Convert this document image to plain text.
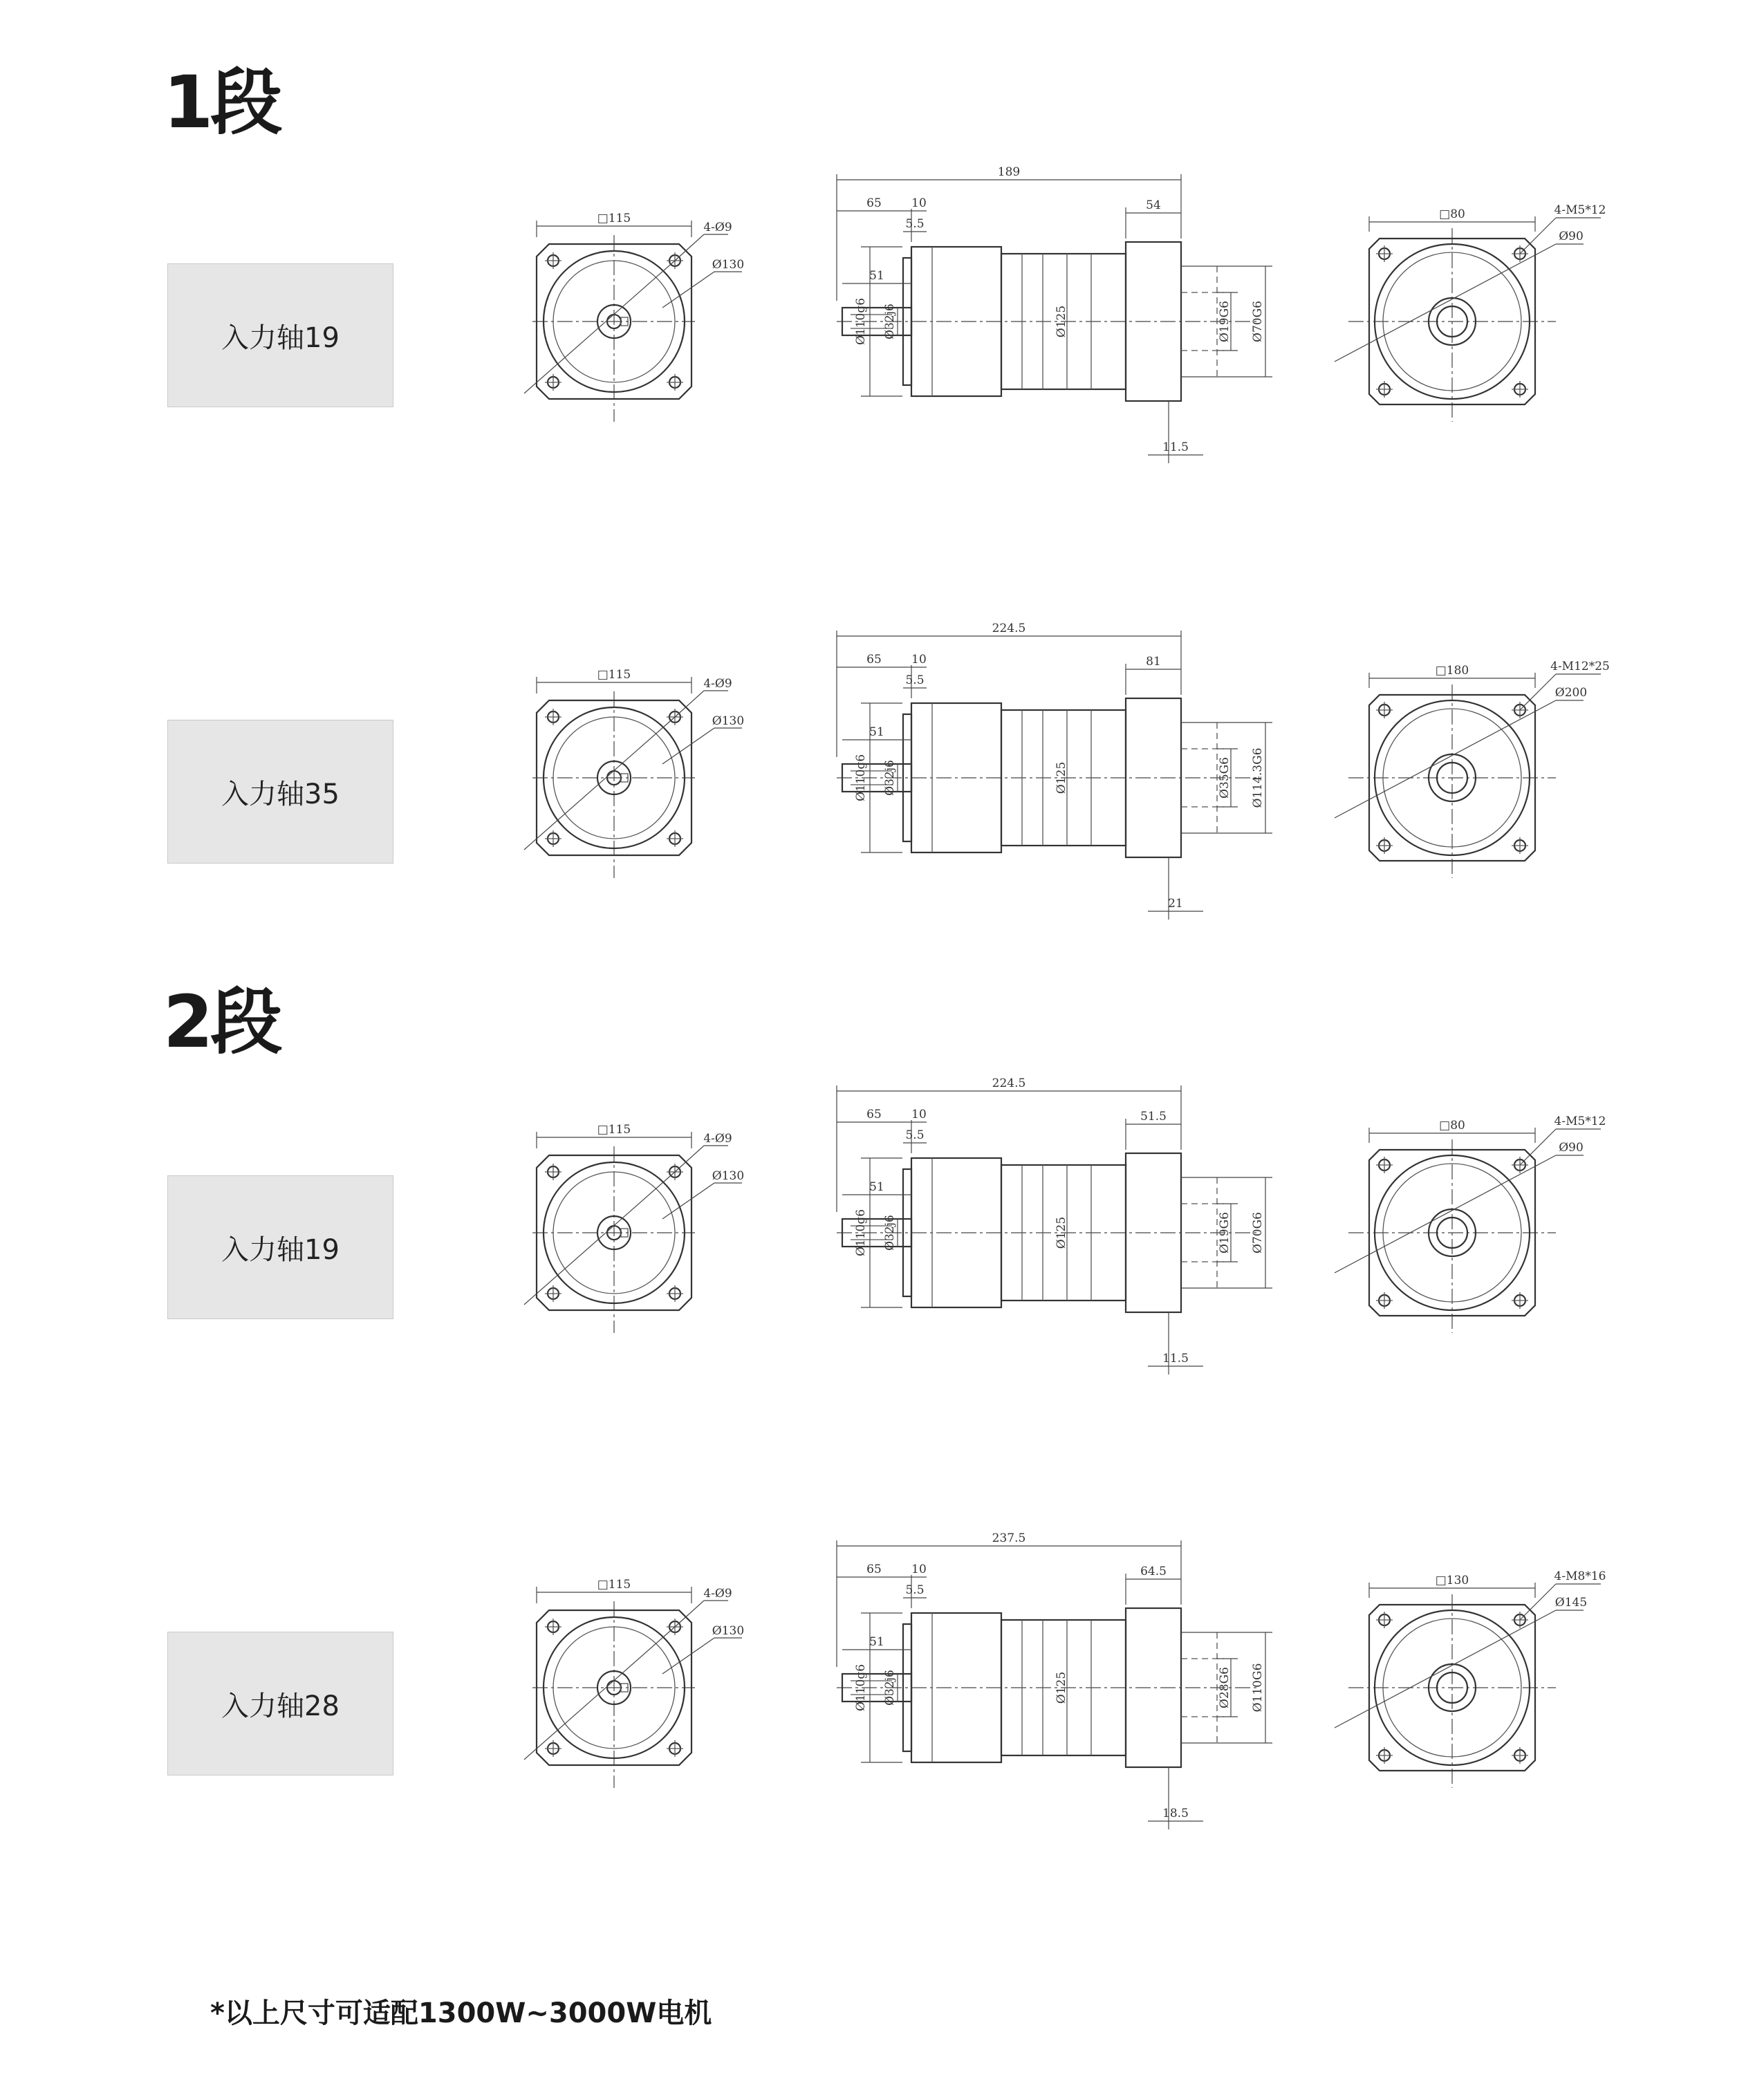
1段
2段
入力轴19
入力轴35
入力轴19
入力轴28
□115
4-Ø9
Ø130
189
65	10
5.5
51
54
11.5
Ø110g6 Ø32j6	Ø125	Ø19G6 Ø70G6
□80	4-M5*12
Ø90
□115
4-Ø9
Ø130
224.5
65	10
5.5
51
81
21
Ø110g6 Ø32j6	Ø125	Ø35G6 Ø114.3G6
□180	4-M12*25
Ø200
□115
4-Ø9
Ø130
224.5
65	10
5.5
51
51.5
11.5
Ø110g6 Ø32j6	Ø125	Ø19G6 Ø70G6
□80	4-M5*12
Ø90
□115
4-Ø9
Ø130
237.5
65	10
5.5
51
64.5
18.5
Ø110g6 Ø32j6	Ø125	Ø28G6 Ø110G6
□130	4-M8*16
Ø145
*以上尺寸可适配1300W~3000W电机
